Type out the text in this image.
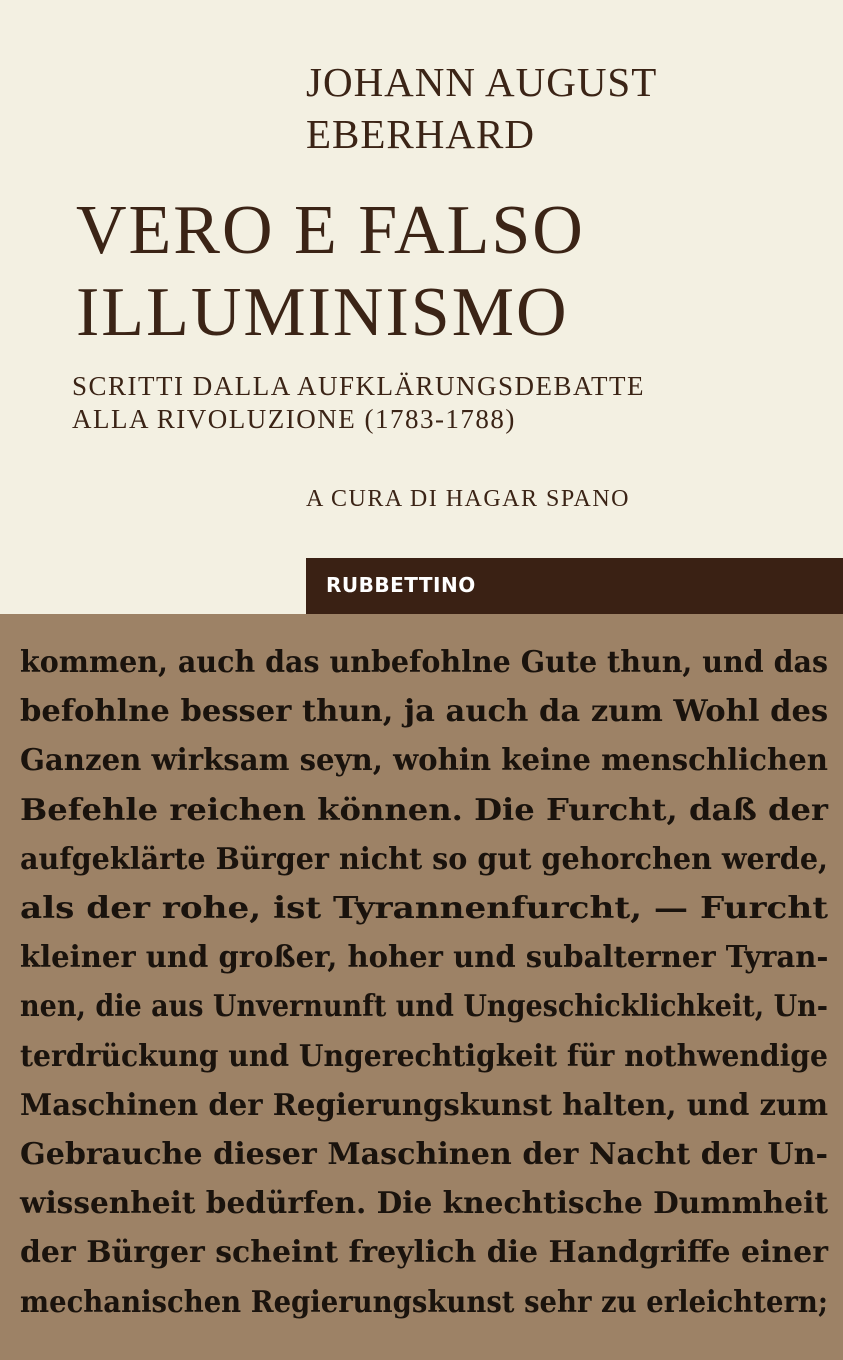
JOHANN AUGUST
EBERHARD
VERO E FALSO
ILLUMINISMO
SCRITTI DALLA AUFKLÄRUNGSDEBATTE
ALLA RIVOLUZIONE (1783-1788)
A CURA DI HAGAR SPANO
RUBBETTINO
kommen, auch das unbefohlne Gute thun, und das
befohlne besser thun, ja auch da zum Wohl des
Ganzen wirksam seyn, wohin keine menschlichen
Befehle reichen können. Die Furcht, daß der
aufgeklärte Bürger nicht so gut gehorchen werde,
als der rohe, ist Tyrannenfurcht, — Furcht
kleiner und großer, hoher und subalterner Tyran-
nen, die aus Unvernunft und Ungeschicklichkeit, Un-
terdrückung und Ungerechtigkeit für nothwendige
Maschinen der Regierungskunst halten, und zum
Gebrauche dieser Maschinen der Nacht der Un-
wissenheit bedürfen. Die knechtische Dummheit
der Bürger scheint freylich die Handgriffe einer
mechanischen Regierungskunst sehr zu erleichtern;
